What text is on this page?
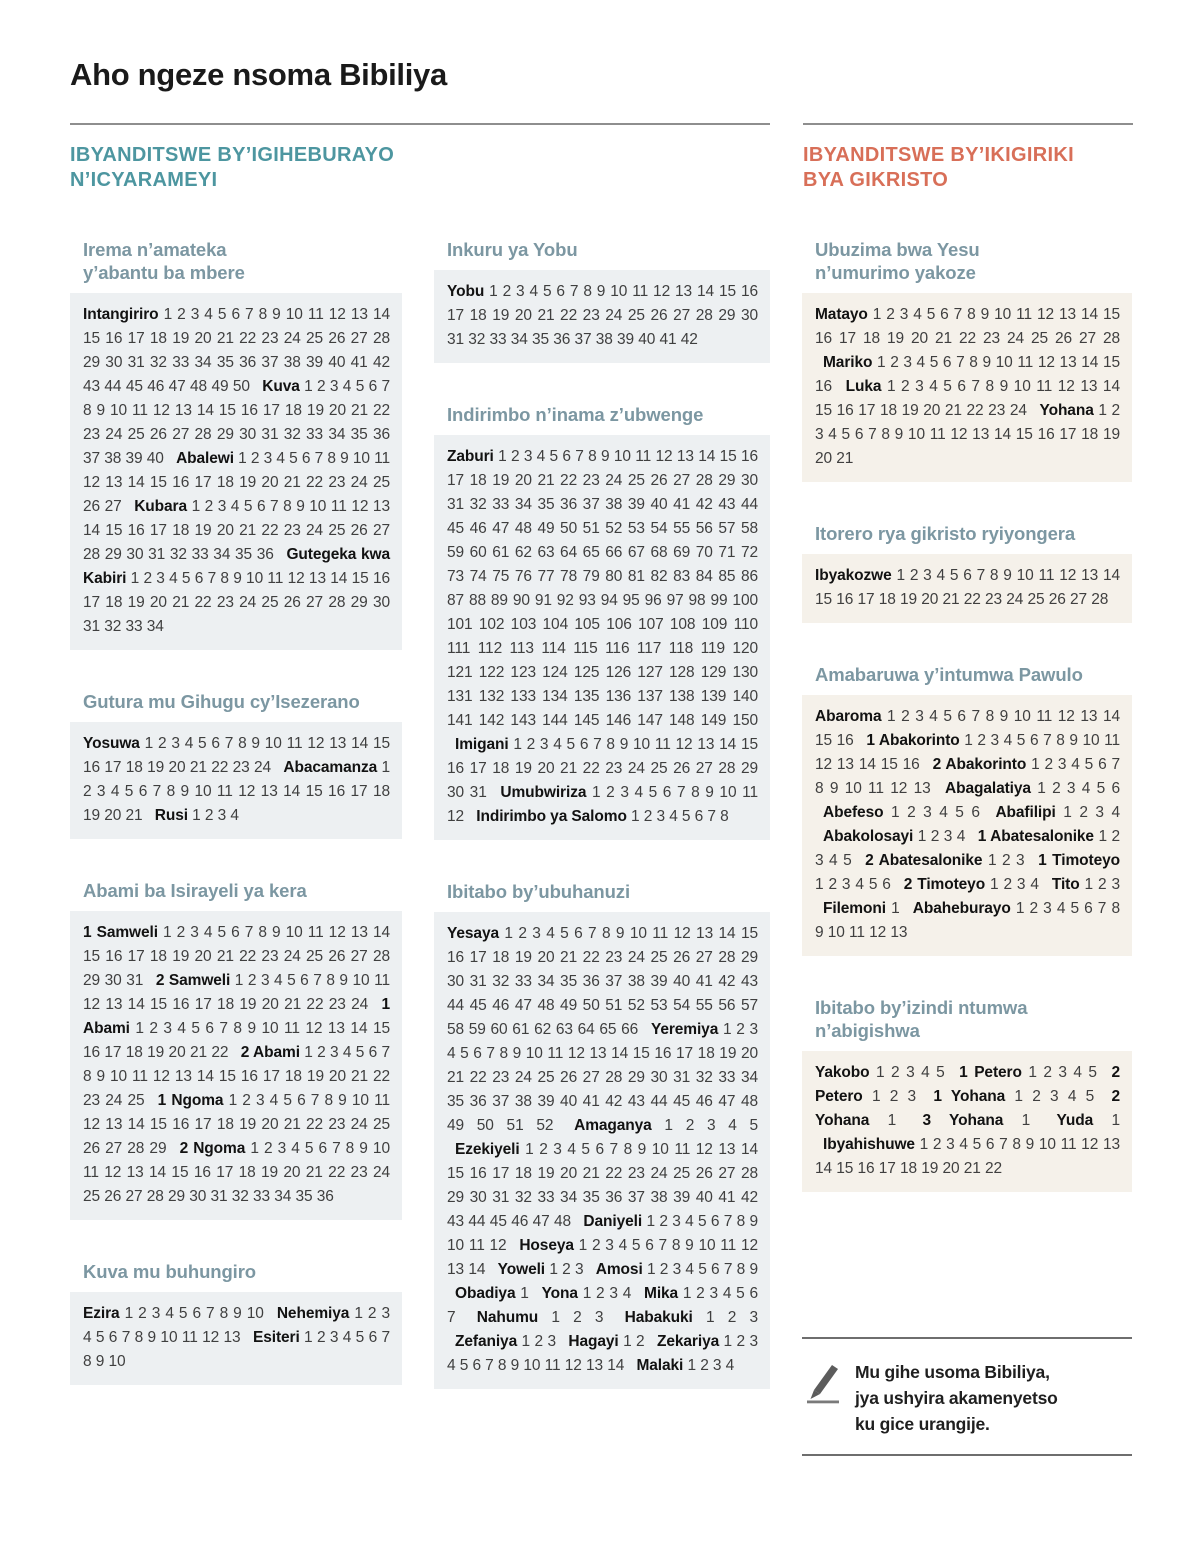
Aho ngeze nsoma Bibiliya
IBYANDITSWE BY’IGIHEBURAYO
N’ICYARAMEYI
IBYANDITSWE BY’IKIGIRIKI
BYA GIKRISTO
Irema n’amateka
y’abantu ba mbere
Intangiriro 1 2 3 4 5 6 7 8 9 10 11 12 13 14 15 16 17 18 19 20 21 22 23 24 25 26 27 28 29 30 31 32 33 34 35 36 37 38 39 40 41 42 43 44 45 46 47 48 49 50 Kuva 1 2 3 4 5 6 7 8 9 10 11 12 13 14 15 16 17 18 19 20 21 22 23 24 25 26 27 28 29 30 31 32 33 34 35 36 37 38 39 40 Abalewi 1 2 3 4 5 6 7 8 9 10 11 12 13 14 15 16 17 18 19 20 21 22 23 24 25 26 27 Kubara 1 2 3 4 5 6 7 8 9 10 11 12 13 14 15 16 17 18 19 20 21 22 23 24 25 26 27 28 29 30 31 32 33 34 35 36 Gutegeka kwa Kabiri 1 2 3 4 5 6 7 8 9 10 11 12 13 14 15 16 17 18 19 20 21 22 23 24 25 26 27 28 29 30 31 32 33 34
Gutura mu Gihugu cy’Isezerano
Yosuwa 1 2 3 4 5 6 7 8 9 10 11 12 13 14 15 16 17 18 19 20 21 22 23 24 Abacamanza 1 2 3 4 5 6 7 8 9 10 11 12 13 14 15 16 17 18 19 20 21 Rusi 1 2 3 4
Abami ba Isirayeli ya kera
1 Samweli 1 2 3 4 5 6 7 8 9 10 11 12 13 14 15 16 17 18 19 20 21 22 23 24 25 26 27 28 29 30 31 2 Samweli 1 2 3 4 5 6 7 8 9 10 11 12 13 14 15 16 17 18 19 20 21 22 23 24 1 Abami 1 2 3 4 5 6 7 8 9 10 11 12 13 14 15 16 17 18 19 20 21 22 2 Abami 1 2 3 4 5 6 7 8 9 10 11 12 13 14 15 16 17 18 19 20 21 22 23 24 25 1 Ngoma 1 2 3 4 5 6 7 8 9 10 11 12 13 14 15 16 17 18 19 20 21 22 23 24 25 26 27 28 29 2 Ngoma 1 2 3 4 5 6 7 8 9 10 11 12 13 14 15 16 17 18 19 20 21 22 23 24 25 26 27 28 29 30 31 32 33 34 35 36
Kuva mu buhungiro
Ezira 1 2 3 4 5 6 7 8 9 10 Nehemiya 1 2 3 4 5 6 7 8 9 10 11 12 13 Esiteri 1 2 3 4 5 6 7 8 9 10
Inkuru ya Yobu
Yobu 1 2 3 4 5 6 7 8 9 10 11 12 13 14 15 16 17 18 19 20 21 22 23 24 25 26 27 28 29 30 31 32 33 34 35 36 37 38 39 40 41 42
Indirimbo n’inama z’ubwenge
Zaburi 1 2 3 4 5 6 7 8 9 10 11 12 13 14 15 16 17 18 19 20 21 22 23 24 25 26 27 28 29 30 31 32 33 34 35 36 37 38 39 40 41 42 43 44 45 46 47 48 49 50 51 52 53 54 55 56 57 58 59 60 61 62 63 64 65 66 67 68 69 70 71 72 73 74 75 76 77 78 79 80 81 82 83 84 85 86 87 88 89 90 91 92 93 94 95 96 97 98 99 100 101 102 103 104 105 106 107 108 109 110 111 112 113 114 115 116 117 118 119 120 121 122 123 124 125 126 127 128 129 130 131 132 133 134 135 136 137 138 139 140 141 142 143 144 145 146 147 148 149 150 Imigani 1 2 3 4 5 6 7 8 9 10 11 12 13 14 15 16 17 18 19 20 21 22 23 24 25 26 27 28 29 30 31 Umubwiriza 1 2 3 4 5 6 7 8 9 10 11 12 Indirimbo ya Salomo 1 2 3 4 5 6 7 8
Ibitabo by’ubuhanuzi
Yesaya 1 2 3 4 5 6 7 8 9 10 11 12 13 14 15 16 17 18 19 20 21 22 23 24 25 26 27 28 29 30 31 32 33 34 35 36 37 38 39 40 41 42 43 44 45 46 47 48 49 50 51 52 53 54 55 56 57 58 59 60 61 62 63 64 65 66 Yeremiya 1 2 3 4 5 6 7 8 9 10 11 12 13 14 15 16 17 18 19 20 21 22 23 24 25 26 27 28 29 30 31 32 33 34 35 36 37 38 39 40 41 42 43 44 45 46 47 48 49 50 51 52 Amaganya 1 2 3 4 5 Ezekiyeli 1 2 3 4 5 6 7 8 9 10 11 12 13 14 15 16 17 18 19 20 21 22 23 24 25 26 27 28 29 30 31 32 33 34 35 36 37 38 39 40 41 42 43 44 45 46 47 48 Daniyeli 1 2 3 4 5 6 7 8 9 10 11 12 Hoseya 1 2 3 4 5 6 7 8 9 10 11 12 13 14 Yoweli 1 2 3 Amosi 1 2 3 4 5 6 7 8 9 Obadiya 1 Yona 1 2 3 4 Mika 1 2 3 4 5 6 7 Nahumu 1 2 3 Habakuki 1 2 3 Zefaniya 1 2 3 Hagayi 1 2 Zekariya 1 2 3 4 5 6 7 8 9 10 11 12 13 14 Malaki 1 2 3 4
Ubuzima bwa Yesu
n’umurimo yakoze
Matayo 1 2 3 4 5 6 7 8 9 10 11 12 13 14 15 16 17 18 19 20 21 22 23 24 25 26 27 28 Mariko 1 2 3 4 5 6 7 8 9 10 11 12 13 14 15 16 Luka 1 2 3 4 5 6 7 8 9 10 11 12 13 14 15 16 17 18 19 20 21 22 23 24 Yohana 1 2 3 4 5 6 7 8 9 10 11 12 13 14 15 16 17 18 19 20 21
Itorero rya gikristo ryiyongera
Ibyakozwe 1 2 3 4 5 6 7 8 9 10 11 12 13 14 15 16 17 18 19 20 21 22 23 24 25 26 27 28
Amabaruwa y’intumwa Pawulo
Abaroma 1 2 3 4 5 6 7 8 9 10 11 12 13 14 15 16 1 Abakorinto 1 2 3 4 5 6 7 8 9 10 11 12 13 14 15 16 2 Abakorinto 1 2 3 4 5 6 7 8 9 10 11 12 13 Abagalatiya 1 2 3 4 5 6 Abefeso 1 2 3 4 5 6 Abafilipi 1 2 3 4 Abakolosayi 1 2 3 4 1 Abatesalonike 1 2 3 4 5 2 Abatesalonike 1 2 3 1 Timoteyo 1 2 3 4 5 6 2 Timoteyo 1 2 3 4 Tito 1 2 3 Filemoni 1 Abaheburayo 1 2 3 4 5 6 7 8 9 10 11 12 13
Ibitabo by’izindi ntumwa
n’abigishwa
Yakobo 1 2 3 4 5 1 Petero 1 2 3 4 5 2 Petero 1 2 3 1 Yohana 1 2 3 4 5 2 Yohana 1 3 Yohana 1 Yuda 1 Ibyahishuwe 1 2 3 4 5 6 7 8 9 10 11 12 13 14 15 16 17 18 19 20 21 22
Mu gihe usoma Bibiliya,
jya ushyira akamenyetso
ku gice urangije.
